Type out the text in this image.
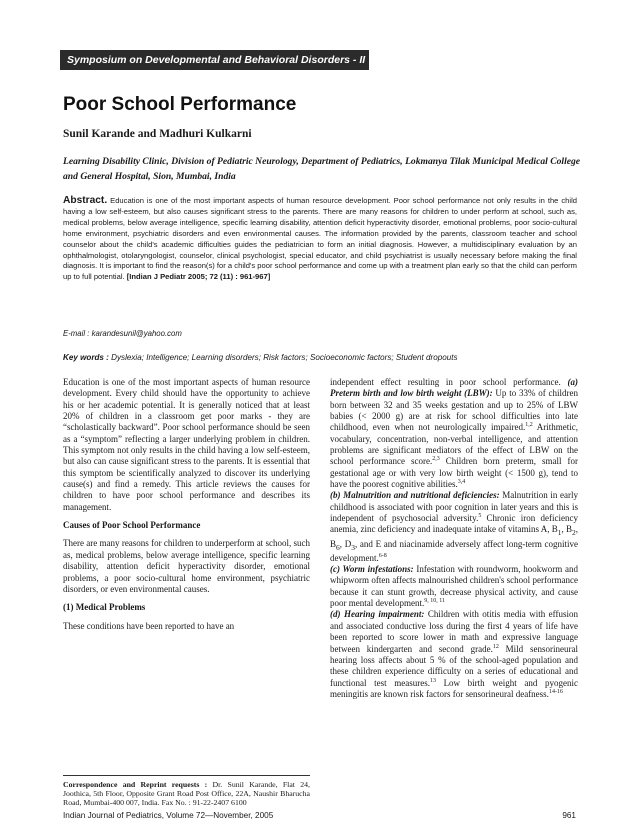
Symposium on Developmental and Behavioral Disorders - II
Poor School Performance
Sunil Karande and Madhuri Kulkarni
Learning Disability Clinic, Division of Pediatric Neurology, Department of Pediatrics, Lokmanya Tilak Municipal Medical College and General Hospital, Sion, Mumbai, India

Abstract. Education is one of the most important aspects of human resource development. Poor school performance not only results in the child having a low self-esteem, but also causes significant stress to the parents. There are many reasons for children to under perform at school, such as, medical problems, below average intelligence, specific learning disability, attention deficit hyperactivity disorder, emotional problems, poor socio-cultural home environment, psychiatric disorders and even environmental causes. The information provided by the parents, classroom teacher and school counselor about the child's academic difficulties guides the pediatrician to form an initial diagnosis. However, a multidisciplinary evaluation by an ophthalmologist, otolaryngologist, counselor, clinical psychologist, special educator, and child psychiatrist is usually necessary before making the final diagnosis. It is important to find the reason(s) for a child's poor school performance and come up with a treatment plan early so that the child can perform up to full potential. [Indian J Pediatr 2005; 72 (11) : 961-967]

E-mail : karandesunil@yahoo.com
Key words : Dyslexia; Intelligence; Learning disorders; Risk factors; Socioeconomic factors; Student dropouts

Education is one of the most important aspects of human resource development. Every child should have the opportunity to achieve his or her academic potential. It is generally noticed that at least 20% of children in a classroom get poor marks - they are “scholastically backward”. Poor school performance should be seen as a “symptom” reflecting a larger underlying problem in children. This symptom not only results in the child having a low self-esteem, but also can cause significant stress to the parents. It is essential that this symptom be scientifically analyzed to discover its underlying cause(s) and find a remedy. This article reviews the causes for children to have poor school performance and describes its management.

Causes of Poor School Performance

There are many reasons for children to underperform at school, such as, medical problems, below average intelligence, specific learning disability, attention deficit hyperactivity disorder, emotional problems, a poor socio-cultural home environment, psychiatric disorders, or even environmental causes.

(1) Medical Problems

These conditions have been reported to have an

independent effect resulting in poor school performance. (a) Preterm birth and low birth weight (LBW): Up to 33% of children born between 32 and 35 weeks gestation and up to 25% of LBW babies (< 2000 g) are at risk for school difficulties into late childhood, even when not neurologically impaired.$^{1,2}$ Arithmetic, vocabulary, concentration, non-verbal intelligence, and attention problems are significant mediators of the effect of LBW on the school performance score.$^{2,3}$ Children born preterm, small for gestational age or with very low birth weight (< 1500 g), tend to have the poorest cognitive abilities.$^{3,4}$

(b) Malnutrition and nutritional deficiencies: Malnutrition in early childhood is associated with poor cognition in later years and this is independent of psychosocial adversity.$^5$ Chronic iron deficiency anemia, zinc deficiency and inadequate intake of vitamins A, $B_1$, $B_2$, $B_6$, $D_3$, and E and niacinamide adversely affect long-term cognitive development.$^{6-8}$

(c) Worm infestations: Infestation with roundworm, hookworm and whipworm often affects malnourished children's school performance because it can stunt growth, decrease physical activity, and cause poor mental development.$^{9, 10, 11}$

(d) Hearing impairment: Children with otitis media with effusion and associated conductive loss during the first 4 years of life have been reported to score lower in math and expressive language between kindergarten and second grade.$^{12}$ Mild sensorineural hearing loss affects about 5 % of the school-aged population and these children experience difficulty on a series of educational and functional test measures.$^{13}$ Low birth weight and pyogenic meningitis are known risk factors for sensorineural deafness.$^{14-16}$

Correspondence and Reprint requests : Dr. Sunil Karande, Flat 24, Joothica, 5th Floor, Opposite Grant Road Post Office, 22A, Naushir Bharucha Road, Mumbai-400 007, India. Fax No. : 91-22-2407 6100
Indian Journal of Pediatrics, Volume 72—November, 2005	961
